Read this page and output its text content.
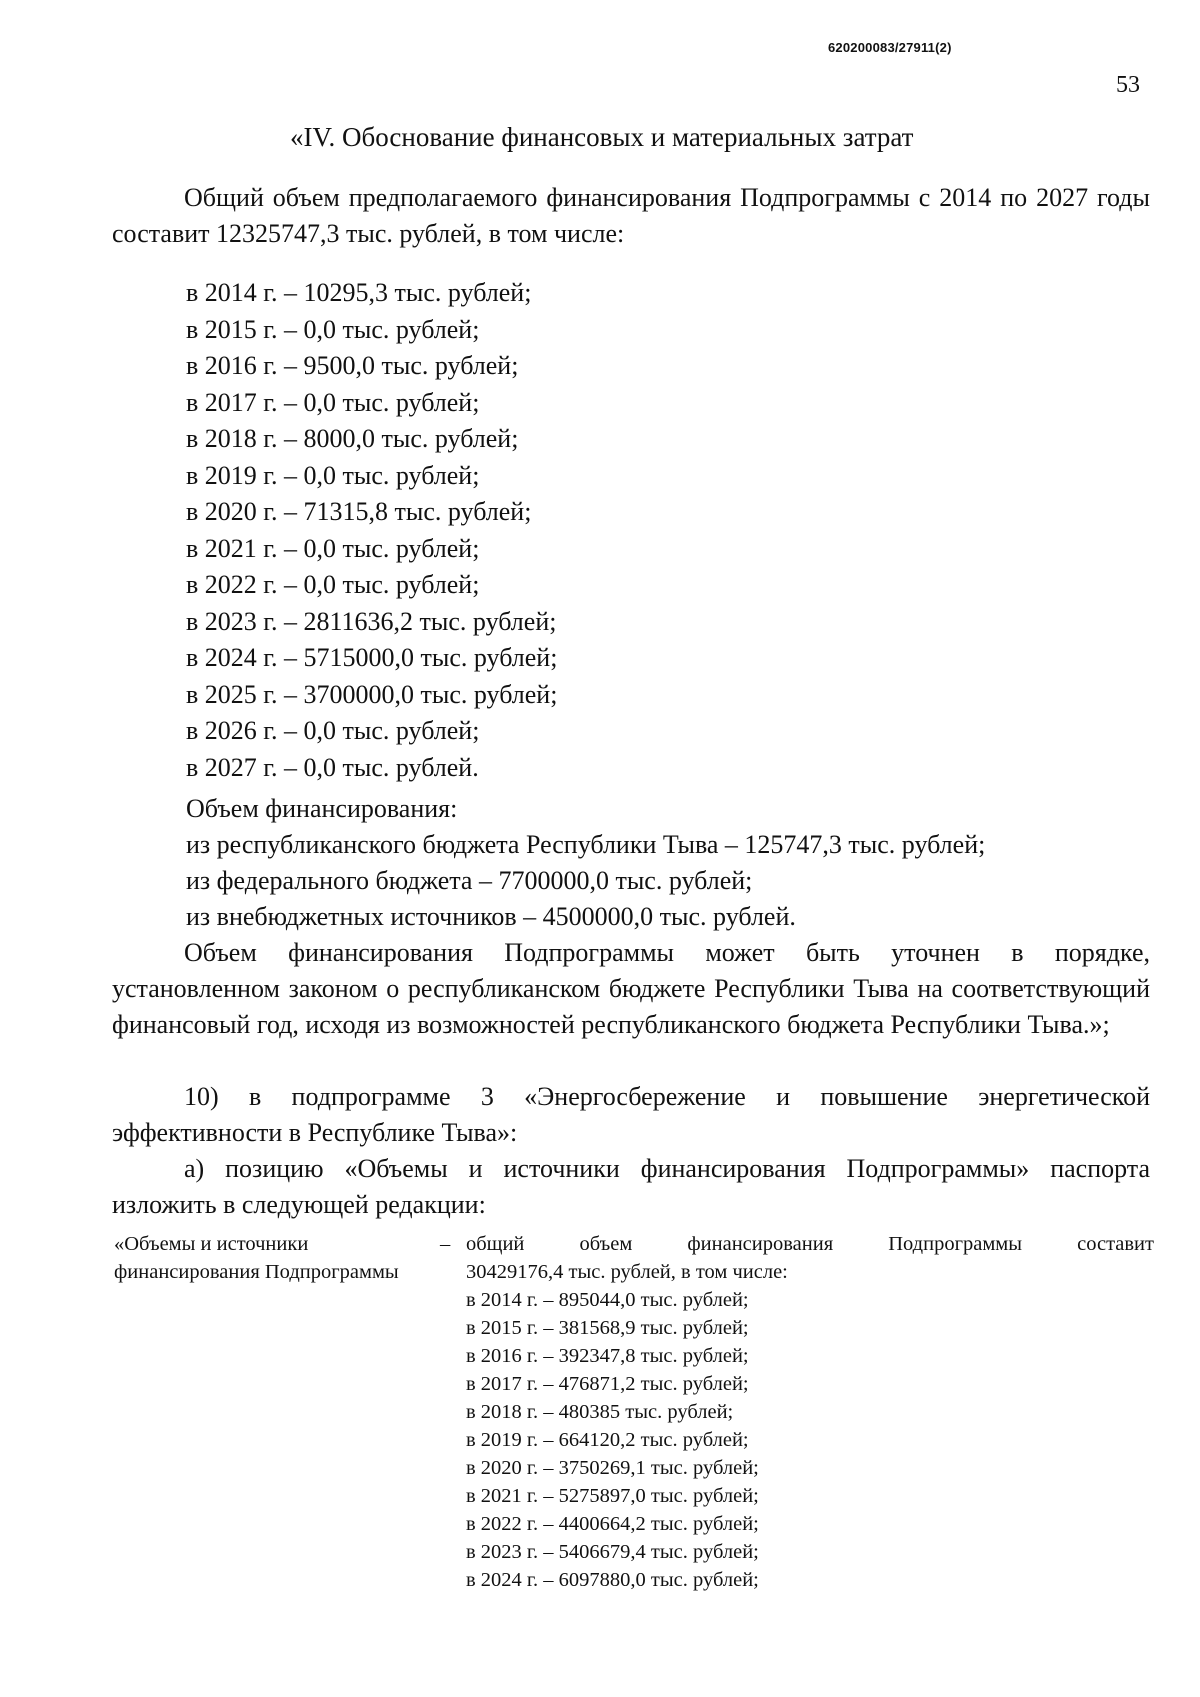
620200083/27911(2)
53
«IV. Обоснование финансовых и материальных затрат
Общий объем предполагаемого финансирования Подпрограммы с 2014 по 2027 годы составит 12325747,3 тыс. рублей, в том числе:
в 2014 г. – 10295,3 тыс. рублей;
в 2015 г. – 0,0 тыс. рублей;
в 2016 г. – 9500,0 тыс. рублей;
в 2017 г. – 0,0 тыс. рублей;
в 2018 г. – 8000,0 тыс. рублей;
в 2019 г. – 0,0 тыс. рублей;
в 2020 г. – 71315,8 тыс. рублей;
в 2021 г. – 0,0 тыс. рублей;
в 2022 г. – 0,0 тыс. рублей;
в 2023 г. – 2811636,2 тыс. рублей;
в 2024 г. – 5715000,0 тыс. рублей;
в 2025 г. – 3700000,0 тыс. рублей;
в 2026 г. – 0,0 тыс. рублей;
в 2027 г. – 0,0 тыс. рублей.
Объем финансирования:
из республиканского бюджета Республики Тыва – 125747,3 тыс. рублей;
из федерального бюджета – 7700000,0 тыс. рублей;
из внебюджетных источников – 4500000,0 тыс. рублей.
Объем финансирования Подпрограммы может быть уточнен в порядке, установленном законом о республиканском бюджете Республики Тыва на соответствующий финансовый год, исходя из возможностей республиканского бюджета Республики Тыва.»;
10) в подпрограмме 3 «Энергосбережение и повышение энергетической эффективности в Республике Тыва»:
а) позицию «Объемы и источники финансирования Подпрограммы» паспорта изложить в следующей редакции:
«Объемы и источники финансирования Подпрограммы
– общий объем финансирования Подпрограммы составит
30429176,4 тыс. рублей, в том числе:
в 2014 г. – 895044,0 тыс. рублей;
в 2015 г. – 381568,9 тыс. рублей;
в 2016 г. – 392347,8 тыс. рублей;
в 2017 г. – 476871,2 тыс. рублей;
в 2018 г. – 480385 тыс. рублей;
в 2019 г. – 664120,2 тыс. рублей;
в 2020 г. – 3750269,1 тыс. рублей;
в 2021 г. – 5275897,0 тыс. рублей;
в 2022 г. – 4400664,2 тыс. рублей;
в 2023 г. – 5406679,4 тыс. рублей;
в 2024 г. – 6097880,0 тыс. рублей;
